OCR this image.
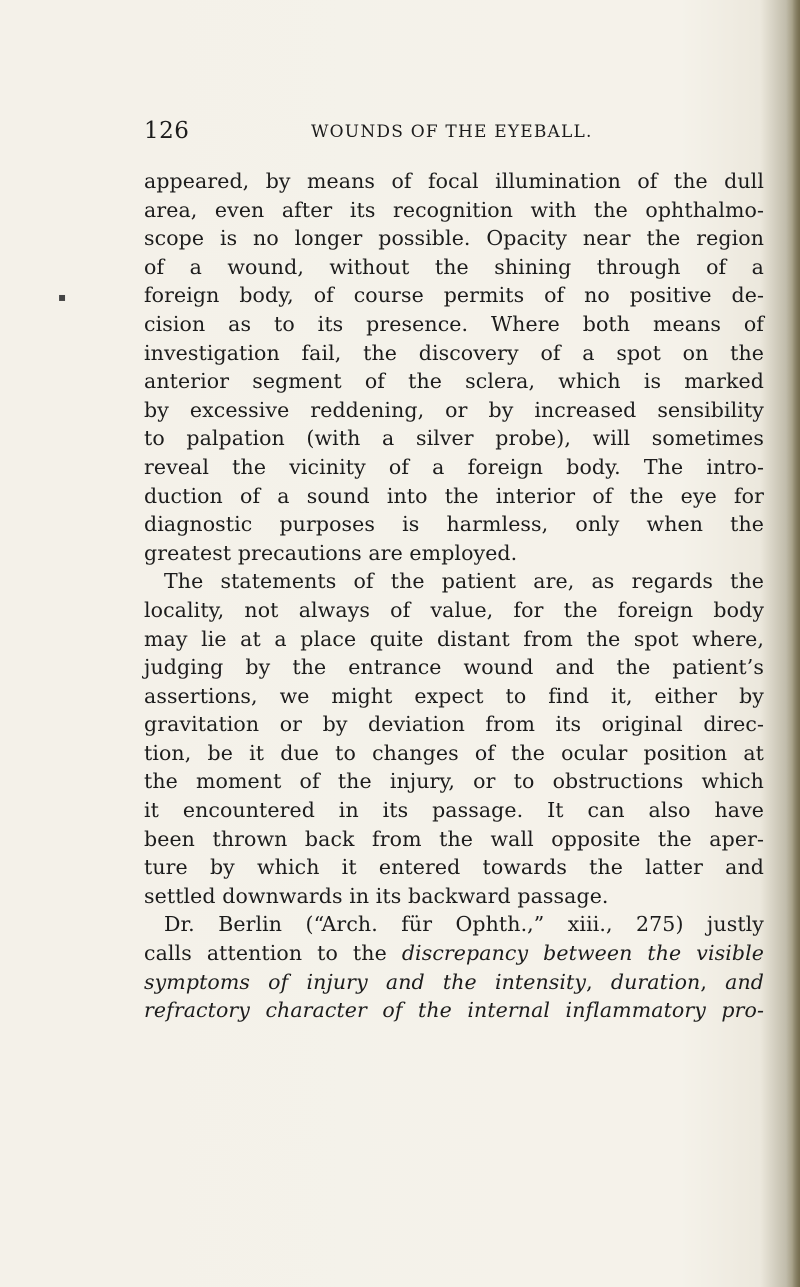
126	WOUNDS OF THE EYEBALL.
appeared, by means of focal illumination of the dull
area, even after its recognition with the ophthalmo-
scope is no longer possible. Opacity near the region
of a wound, without the shining through of a
foreign body, of course permits of no positive de-
cision as to its presence. Where both means of
investigation fail, the discovery of a spot on the
anterior segment of the sclera, which is marked
by excessive reddening, or by increased sensibility
to palpation (with a silver probe), will sometimes
reveal the vicinity of a foreign body. The intro-
duction of a sound into the interior of the eye for
diagnostic purposes is harmless, only when the
greatest precautions are employed.
The statements of the patient are, as regards the
locality, not always of value, for the foreign body
may lie at a place quite distant from the spot where,
judging by the entrance wound and the patient’s
assertions, we might expect to find it, either by
gravitation or by deviation from its original direc-
tion, be it due to changes of the ocular position at
the moment of the injury, or to obstructions which
it encountered in its passage. It can also have
been thrown back from the wall opposite the aper-
ture by which it entered towards the latter and
settled downwards in its backward passage.
Dr. Berlin (“Arch. für Ophth.,” xiii., 275) justly
calls attention to the discrepancy between the visible
symptoms of injury and the intensity, duration, and
refractory character of the internal inflammatory pro-
▪
